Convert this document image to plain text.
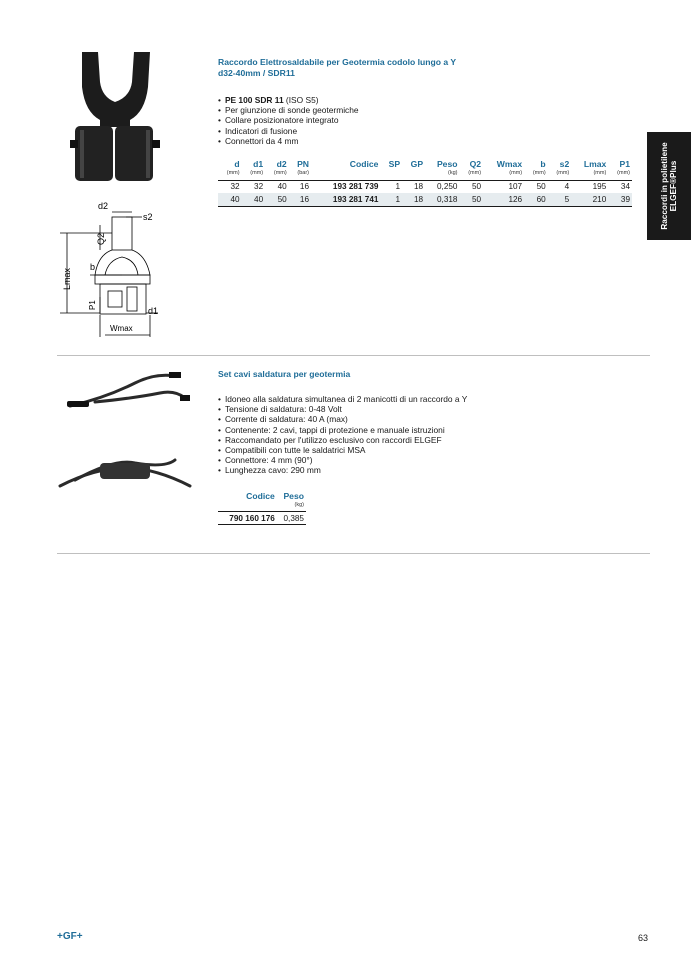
Raccordi in polietilene
ELGEF®Plus
d2
s2
Q2
b
Lmax
P1
d1
Wmax
Raccordo Elettrosaldabile per Geotermia codolo lungo a Y
d32-40mm / SDR11
• PE 100 SDR 11 (ISO S5)
• Per giunzione di sonde geotermiche
• Collare posizionatore integrato
• Indicatori di fusione
• Connettori da 4 mm
d	d1	d2	PN	Codice	SP	GP	Peso	Q2	Wmax	b	s2	Lmax	P1
(mm)	(mm)	(mm)	(bar)				(kg)	(mm)	(mm)	(mm)	(mm)	(mm)	(mm)
32	32	40	16	193 281 739	1	18	0,250	50	107	50	4	195	34
40	40	50	16	193 281 741	1	18	0,318	50	126	60	5	210	39
Set cavi saldatura per geotermia
• Idoneo alla saldatura simultanea di 2 manicotti di un raccordo a Y
• Tensione di saldatura: 0-48 Volt
• Corrente di saldatura: 40 A (max)
• Contenente: 2 cavi, tappi di protezione e manuale istruzioni
• Raccomandato per l'utilizzo esclusivo con raccordi ELGEF
• Compatibili con tutte le saldatrici MSA
• Connettore: 4 mm (90°)
• Lunghezza cavo: 290 mm
Codice	Peso
	(kg)
790 160 176	0,385
+GF+	63
